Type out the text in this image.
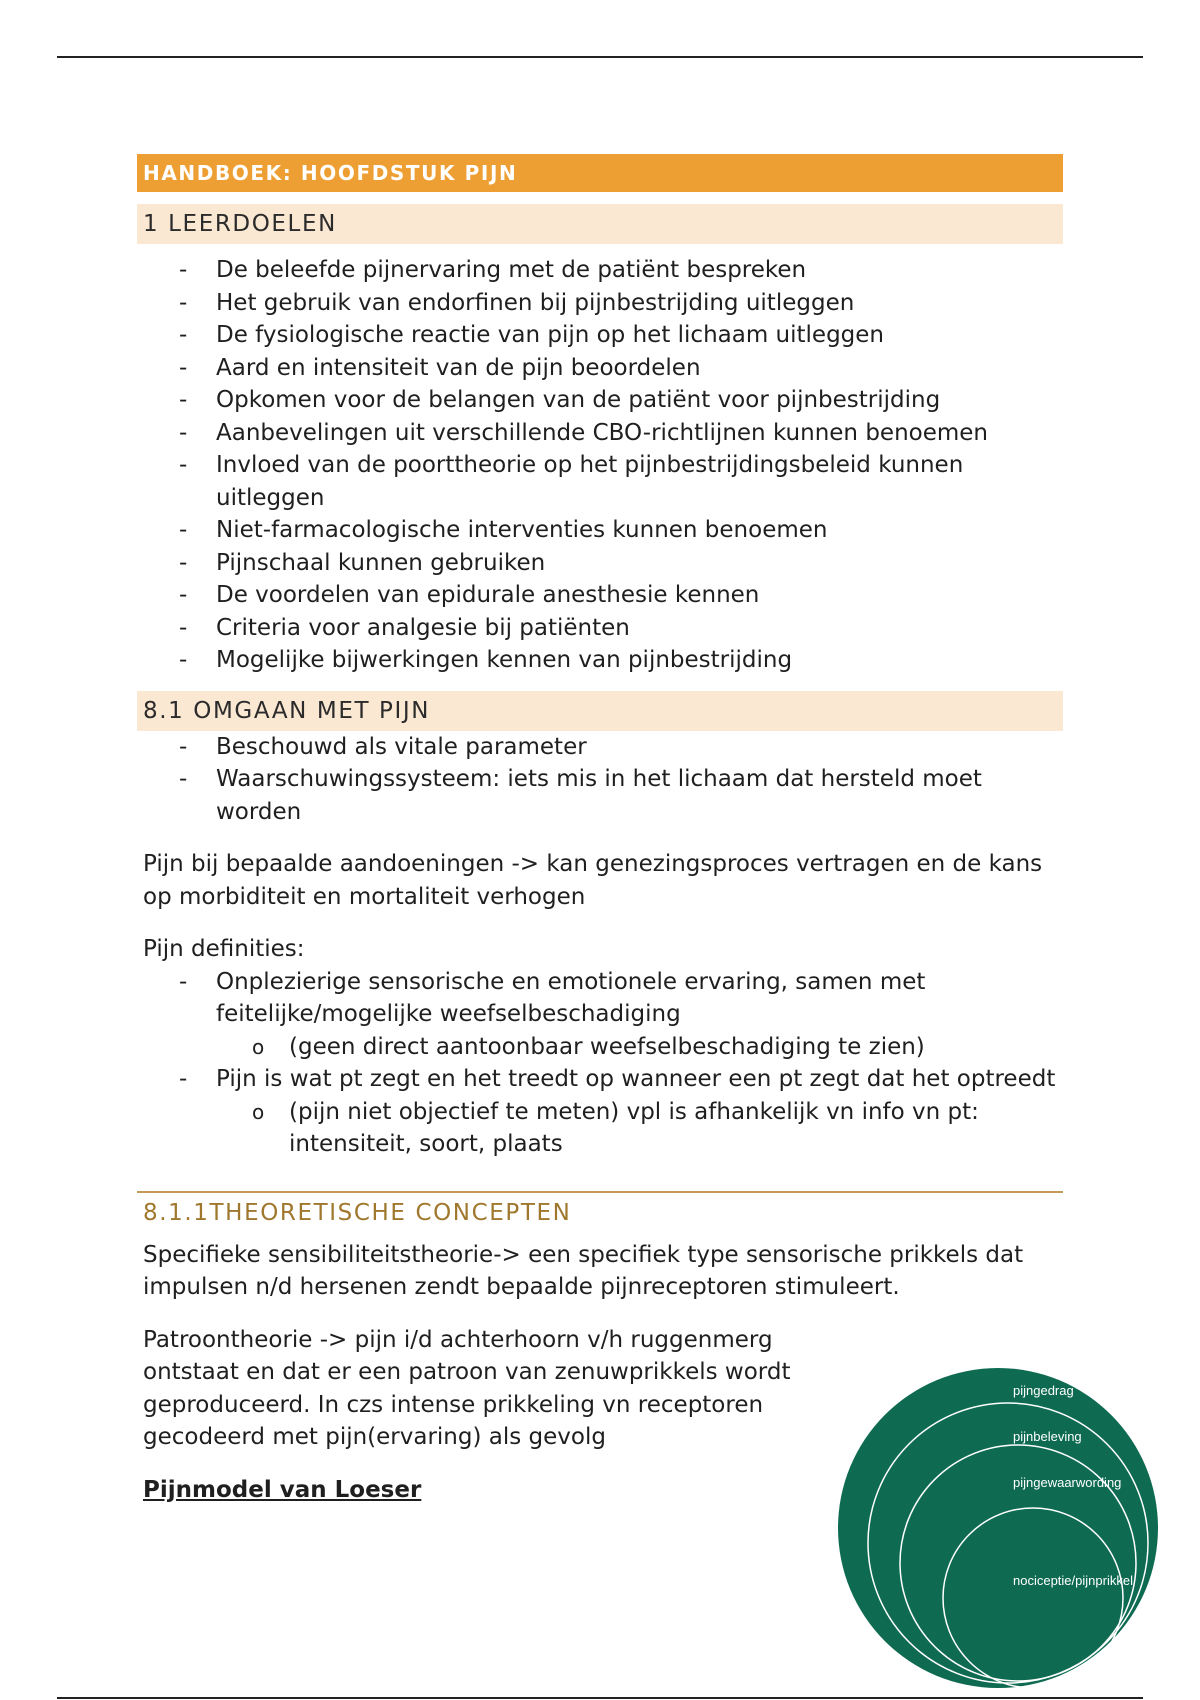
HANDBOEK: HOOFDSTUK PIJN
1 LEERDOELEN
- De beleefde pijnervaring met de patiënt bespreken
- Het gebruik van endorfinen bij pijnbestrijding uitleggen
- De fysiologische reactie van pijn op het lichaam uitleggen
- Aard en intensiteit van de pijn beoordelen
- Opkomen voor de belangen van de patiënt voor pijnbestrijding
- Aanbevelingen uit verschillende CBO-richtlijnen kunnen benoemen
- Invloed van de poorttheorie op het pijnbestrijdingsbeleid kunnen uitleggen
- Niet-farmacologische interventies kunnen benoemen
- Pijnschaal kunnen gebruiken
- De voordelen van epidurale anesthesie kennen
- Criteria voor analgesie bij patiënten
- Mogelijke bijwerkingen kennen van pijnbestrijding
8.1 OMGAAN MET PIJN
- Beschouwd als vitale parameter
- Waarschuwingssysteem: iets mis in het lichaam dat hersteld moet worden

Pijn bij bepaalde aandoeningen -> kan genezingsproces vertragen en de kans op morbiditeit en mortaliteit verhogen

Pijn definities:

- Onplezierige sensorische en emotionele ervaring, samen met feitelijke/mogelijke weefselbeschadiging
o (geen direct aantoonbaar weefselbeschadiging te zien)
- Pijn is wat pt zegt en het treedt op wanneer een pt zegt dat het optreedt
o (pijn niet objectief te meten) vpl is afhankelijk vn info vn pt: intensiteit, soort, plaats
8.1.1THEORETISCHE CONCEPTEN

Specifieke sensibiliteitstheorie-> een specifiek type sensorische prikkels dat impulsen n/d hersenen zendt bepaalde pijnreceptoren stimuleert.

Patroontheorie -> pijn i/d achterhoorn v/h ruggenmerg ontstaat en dat er een patroon van zenuwprikkels wordt geproduceerd. In czs intense prikkeling vn receptoren gecodeerd met pijn(ervaring) als gevolg

Pijnmodel van Loeser
pijngedrag
pijnbeleving
pijngewaarwording
nociceptie/pijnprikkel
